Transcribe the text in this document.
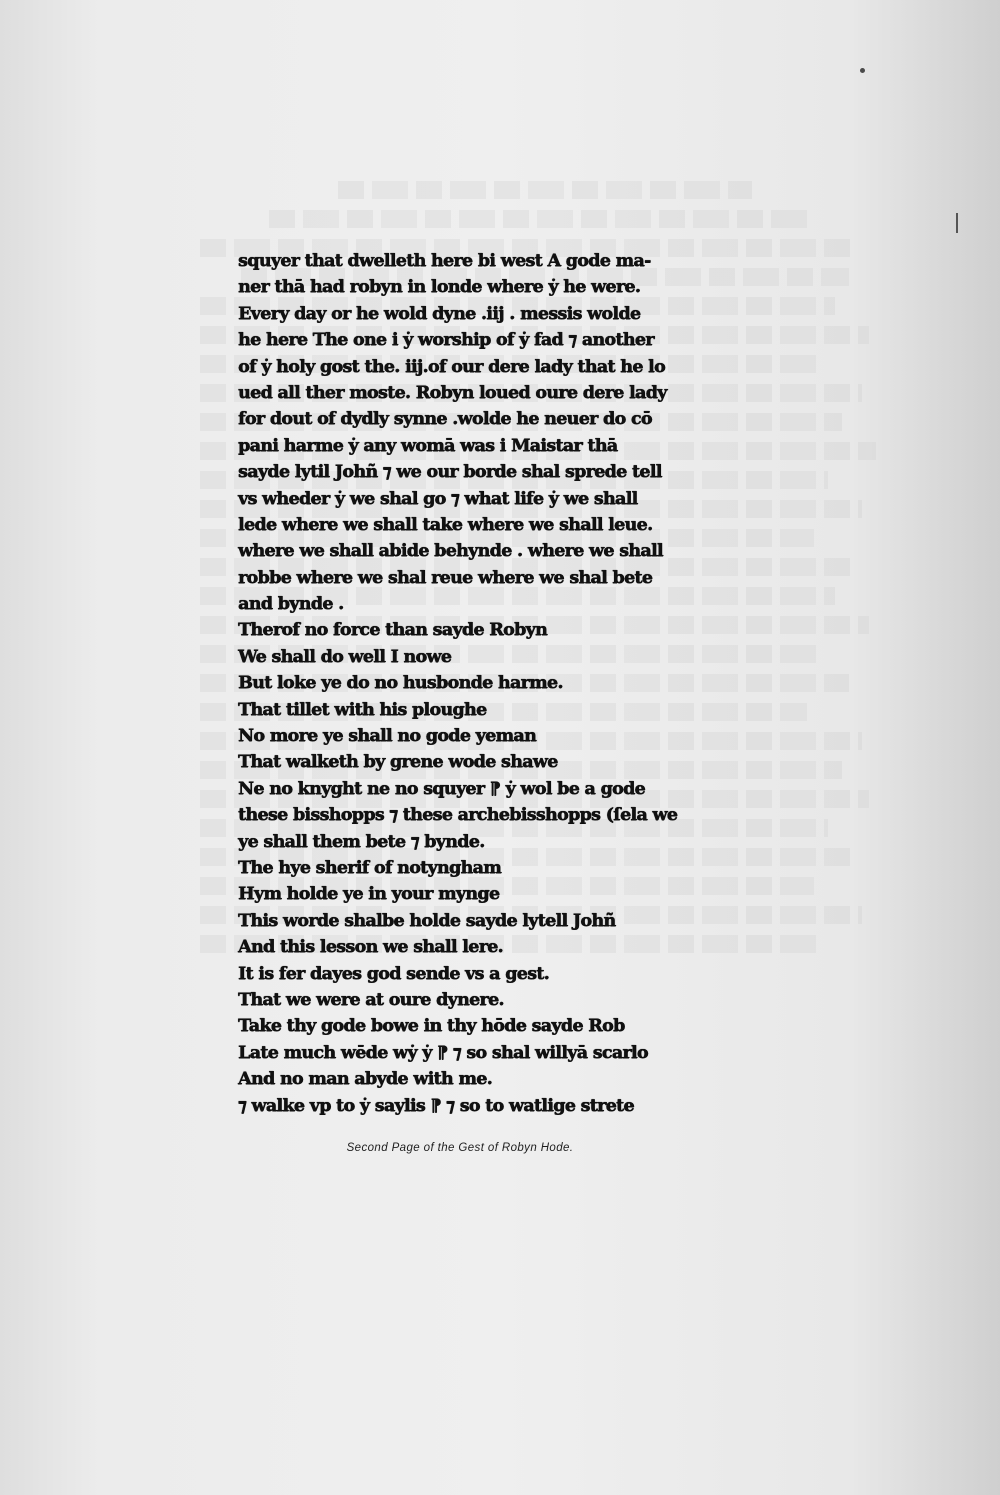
squyer that dwelleth here bi west A gode ma-
ner thā had robyn in londe where ẏ he were.
Every day or he wold dyne .iij . messis wolde
he here The one i ẏ worship of ẏ fad ⁊ another
of ẏ holy gost the. iij.of our dere lady that he lo
ued all ther moste. Robyn loued oure dere lady
for dout of dydly synne .wolde he neuer do cō
pani harme ẏ any womā was i Maistar thā
sayde lytil Johñ ⁊ we our borde shal sprede tell
vs wheder ẏ we shal go ⁊ what life ẏ we shall
lede where we shall take where we shall leue.
where we shall abide behynde . where we shall
robbe where we shal reue where we shal bete
and bynde .
Therof no force than sayde Robyn
We shall do well I nowe
But loke ye do no husbonde harme.
That tillet with his ploughe
No more ye shall no gode yeman
That walketh by grene wode shawe
Ne no knyght ne no squyer ⁋ ẏ wol be a gode
these bisshopps ⁊ these archebisshopps (ſela we
ye shall them bete ⁊ bynde.
The hye sherif of notyngham
Hym holde ye in your mynge
This worde shalbe holde sayde lytell Johñ
And this lesson we shall lere.
It is fer dayes god sende vs a gest.
That we were at oure dynere.
Take thy gode bowe in thy hōde sayde Rob
Late much wēde wẏ ẏ ⁋ ⁊ so shal willyā scarlo
And no man abyde with me.
⁊ walke vp to ẏ saylis ⁋ ⁊ so to watlige strete
Second Page of the Gest of Robyn Hode.
